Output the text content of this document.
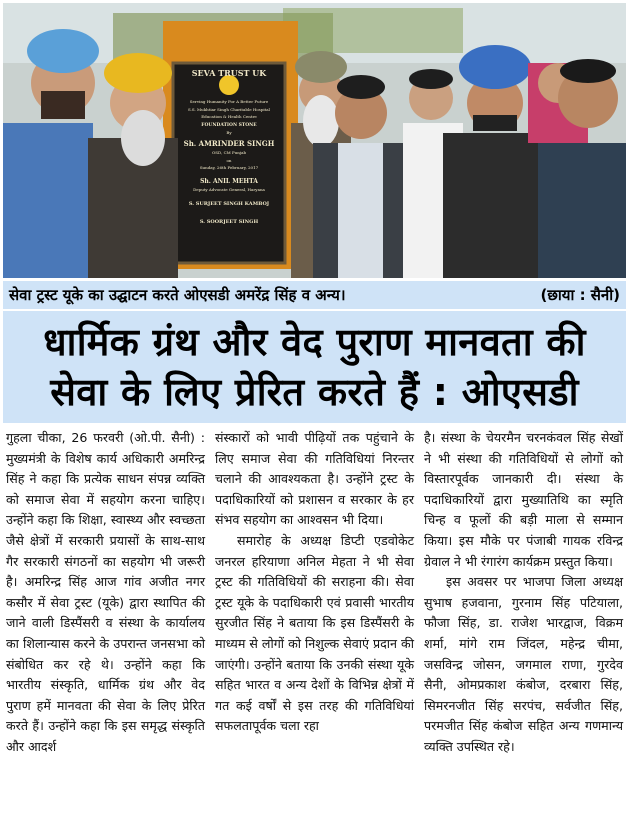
SEVA TRUST UK
Serving Humanity For A Better Future
S.S. Mukhtiar Singh Charitable Hospital
Education & Health Centre
FOUNDATION STONE
By
Sh. AMRINDER SINGH
OSD, CM Punjab
on
Sunday, 26th February, 2017
Sh. ANIL MEHTA
Deputy Advocate General, Haryana
S. SURJEET SINGH KAMBOJ
S. SOORJEET SINGH
सेवा ट्रस्ट यूके का उद्घाटन करते ओएसडी अमरेंद्र सिंह व अन्य।	(छाया : सैनी)
धार्मिक ग्रंथ और वेद पुराण मानवता की
सेवा के लिए प्रेरित करते हैं : ओएसडी

गुहला चीका, 26 फरवरी (ओ.पी. सैनी) : मुख्यमंत्री के विशेष कार्य अधिकारी अमरिन्द्र सिंह ने कहा कि प्रत्येक साधन संपन्न व्यक्ति को समाज सेवा में सहयोग करना चाहिए। उन्होंने कहा कि शिक्षा, स्वास्थ्य और स्वच्छता जैसे क्षेत्रों में सरकारी प्रयासों के साथ-साथ गैर सरकारी संगठनों का सहयोग भी जरूरी है। अमरिन्द्र सिंह आज गांव अजीत नगर कसौर में सेवा ट्रस्ट (यूके) द्वारा स्थापित की जाने वाली डिस्पैंसरी व संस्था के कार्यालय का शिलान्यास करने के उपरान्त जनसभा को संबोधित कर रहे थे। उन्होंने कहा कि भारतीय संस्कृति, धार्मिक ग्रंथ और वेद पुराण हमें मानवता की सेवा के लिए प्रेरित करते हैं। उन्होंने कहा कि इस समृद्ध संस्कृति और आदर्श

संस्कारों को भावी पीढ़ियों तक पहुंचाने के लिए समाज सेवा की गतिविधियां निरन्तर चलाने की आवश्यकता है। उन्होंने ट्रस्ट के पदाधिकारियों को प्रशासन व सरकार के हर संभव सहयोग का आश्वसन भी दिया।

समारोह के अध्यक्ष डिप्टी एडवोकेट जनरल हरियाणा अनिल मेहता ने भी सेवा ट्रस्ट की गतिविधियों की सराहना की। सेवा ट्रस्ट यूके के पदाधिकारी एवं प्रवासी भारतीय सुरजीत सिंह ने बताया कि इस डिस्पैंसरी के माध्यम से लोगों को निशुल्क सेवाएं प्रदान की जाएंगी। उन्होंने बताया कि उनकी संस्था यूके सहित भारत व अन्य देशों के विभिन्न क्षेत्रों में गत कई वर्षों से इस तरह की गतिविधियां सफलतापूर्वक चला रहा

है। संस्था के चेयरमैन चरनकंवल सिंह सेखों ने भी संस्था की गतिविधियों से लोगों को विस्तारपूर्वक जानकारी दी। संस्था के पदाधिकारियों द्वारा मुख्यातिथि का स्मृति चिन्ह व फूलों की बड़ी माला से सम्मान किया। इस मौके पर पंजाबी गायक रविन्द्र ग्रेवाल ने भी रंगारंग कार्यक्रम प्रस्तुत किया।

इस अवसर पर भाजपा जिला अध्यक्ष सुभाष हजवाना, गुरनाम सिंह पटियाला, फौजा सिंह, डा. राजेश भारद्वाज, विक्रम शर्मा, मांगे राम जिंदल, महेन्द्र चीमा, जसविन्द्र जोसन, जगमाल राणा, गुरदेव सैनी, ओमप्रकाश कंबोज, दरबारा सिंह, सिमरनजीत सिंह सरपंच, सर्वजीत सिंह, परमजीत सिंह कंबोज सहित अन्य गणमान्य व्यक्ति उपस्थित रहे।
